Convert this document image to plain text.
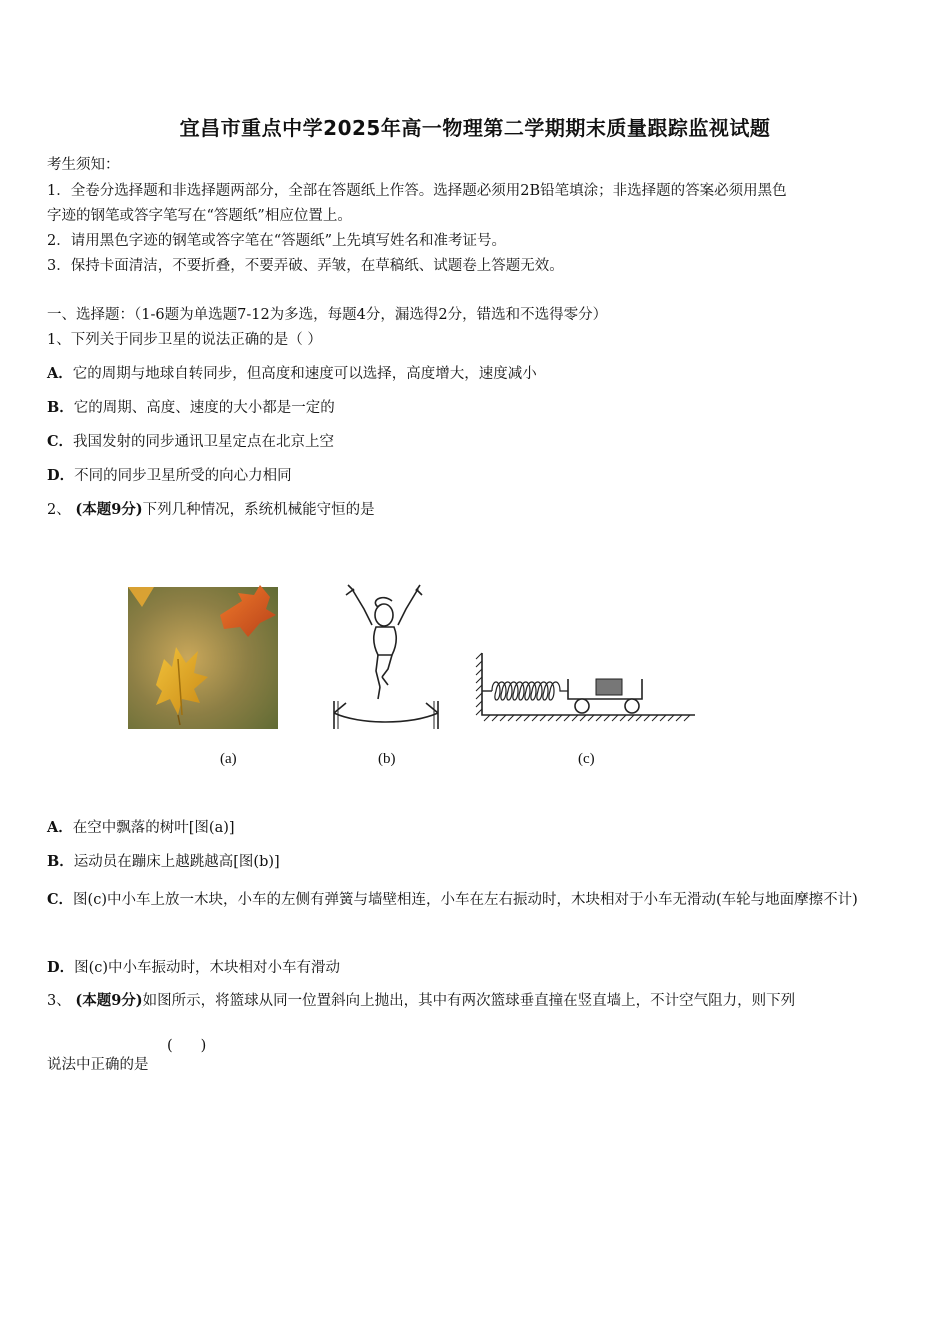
宜昌市重点中学2025年高一物理第二学期期末质量跟踪监视试题
考生须知：
1．全卷分选择题和非选择题两部分，全部在答题纸上作答。选择题必须用2B铅笔填涂；非选择题的答案必须用黑色
字迹的钢笔或答字笔写在“答题纸”相应位置上。
2．请用黑色字迹的钢笔或答字笔在“答题纸”上先填写姓名和准考证号。
3．保持卡面清洁，不要折叠，不要弄破、弄皱，在草稿纸、试题卷上答题无效。
一、选择题：（1-6题为单选题7-12为多选，每题4分，漏选得2分，错选和不选得零分）
1、下列关于同步卫星的说法正确的是（ ）
A．它的周期与地球自转同步，但高度和速度可以选择，高度增大，速度减小
B．它的周期、高度、速度的大小都是一定的
C．我国发射的同步通讯卫星定点在北京上空
D．不同的同步卫星所受的向心力相同
2、 (本题9分)下列几种情况，系统机械能守恒的是
(a)	(b)	(c)
A．在空中飘落的树叶[图(a)]
B．运动员在蹦床上越跳越高[图(b)]
C．图(c)中小车上放一木块，小车的左侧有弹簧与墙壁相连，小车在左右振动时，木块相对于小车无滑动(车轮与地面摩擦不计)
D．图(c)中小车振动时，木块相对小车有滑动
3、 (本题9分)如图所示，将篮球从同一位置斜向上抛出，其中有两次篮球垂直撞在竖直墙上，不计空气阻力，则下列
说法中正确的是
()
